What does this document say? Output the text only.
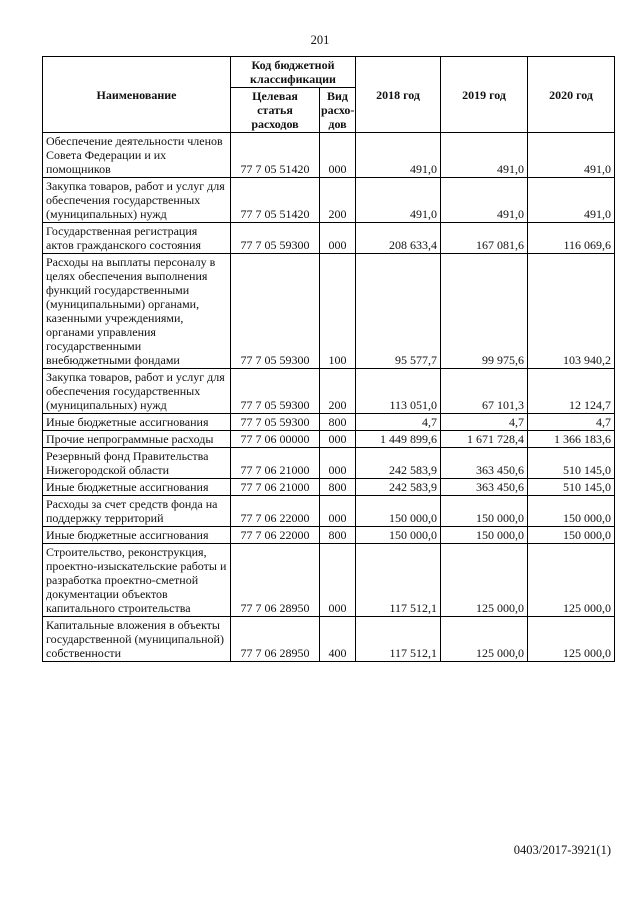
201
Наименование	Код бюджетной классификации		2018 год	2019 год	2020 год
	Целевая статья расходов	Вид расхо-дов			
Обеспечение деятельности членов Совета Федерации и их помощников	77 7 05 51420	000	491,0	491,0	491,0
Закупка товаров, работ и услуг для обеспечения государственных (муниципальных) нужд	77 7 05 51420	200	491,0	491,0	491,0
Государственная регистрация актов гражданского состояния	77 7 05 59300	000	208 633,4	167 081,6	116 069,6
Расходы на выплаты персоналу в целях обеспечения выполнения функций государственными (муниципальными) органами, казенными учреждениями, органами управления государственными внебюджетными фондами	77 7 05 59300	100	95 577,7	99 975,6	103 940,2
Закупка товаров, работ и услуг для обеспечения государственных (муниципальных) нужд	77 7 05 59300	200	113 051,0	67 101,3	12 124,7
Иные бюджетные ассигнования	77 7 05 59300	800	4,7	4,7	4,7
Прочие непрограммные расходы	77 7 06 00000	000	1 449 899,6	1 671 728,4	1 366 183,6
Резервный фонд Правительства Нижегородской области	77 7 06 21000	000	242 583,9	363 450,6	510 145,0
Иные бюджетные ассигнования	77 7 06 21000	800	242 583,9	363 450,6	510 145,0
Расходы за счет средств фонда на поддержку территорий	77 7 06 22000	000	150 000,0	150 000,0	150 000,0
Иные бюджетные ассигнования	77 7 06 22000	800	150 000,0	150 000,0	150 000,0
Строительство, реконструкция, проектно-изыскательские работы и разработка проектно-сметной документации объектов капитального строительства	77 7 06 28950	000	117 512,1	125 000,0	125 000,0
Капитальные вложения в объекты государственной (муниципальной) собственности	77 7 06 28950	400	117 512,1	125 000,0	125 000,0
0403/2017-3921(1)
